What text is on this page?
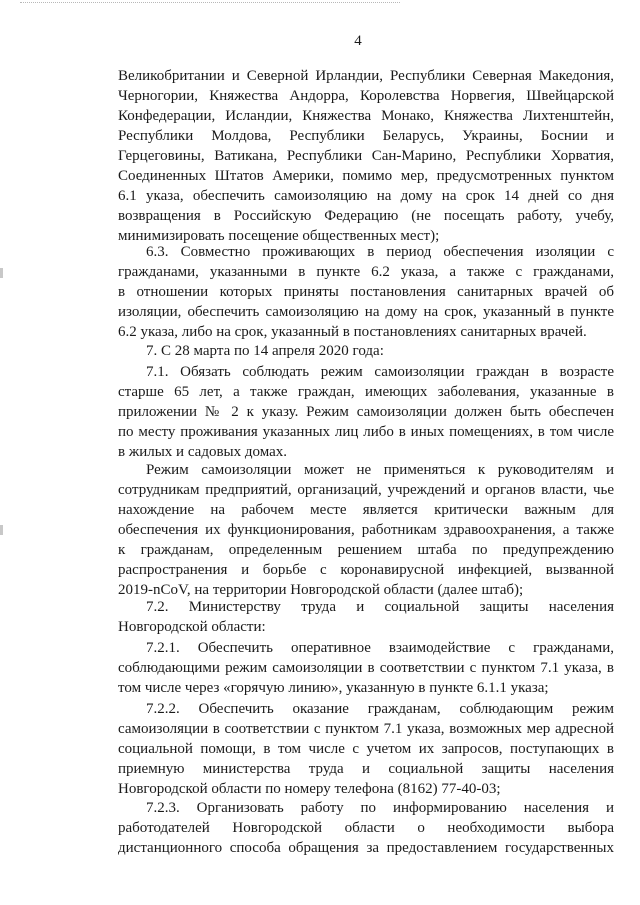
4
Великобритании и Северной Ирландии, Республики Северная Македония,
Черногории, Княжества Андорра, Королевства Норвегия, Швейцарской
Конфедерации, Исландии, Княжества Монако, Княжества Лихтенштейн,
Республики Молдова, Республики Беларусь, Украины, Боснии и
Герцеговины, Ватикана, Республики Сан-Марино, Республики Хорватия,
Соединенных Штатов Америки, помимо мер, предусмотренных пунктом
6.1 указа, обеспечить самоизоляцию на дому на срок 14 дней со дня
возвращения в Российскую Федерацию (не посещать работу, учебу,
минимизировать посещение общественных мест);
6.3. Совместно проживающих в период обеспечения изоляции с
гражданами, указанными в пункте 6.2 указа, а также с гражданами,
в отношении которых приняты постановления санитарных врачей об
изоляции, обеспечить самоизоляцию на дому на срок, указанный в пункте
6.2 указа, либо на срок, указанный в постановлениях санитарных врачей.
7. С 28 марта по 14 апреля 2020 года:
7.1. Обязать соблюдать режим самоизоляции граждан в возрасте
старше 65 лет, а также граждан, имеющих заболевания, указанные в
приложении № 2 к указу. Режим самоизоляции должен быть обеспечен
по месту проживания указанных лиц либо в иных помещениях, в том числе
в жилых и садовых домах.
Режим самоизоляции может не применяться к руководителям и
сотрудникам предприятий, организаций, учреждений и органов власти, чье
нахождение на рабочем месте является критически важным для
обеспечения их функционирования, работникам здравоохранения, а также
к гражданам, определенным решением штаба по предупреждению
распространения и борьбе с коронавирусной инфекцией, вызванной
2019-nCoV, на территории Новгородской области (далее штаб);
7.2. Министерству труда и социальной защиты населения
Новгородской области:
7.2.1. Обеспечить оперативное взаимодействие с гражданами,
соблюдающими режим самоизоляции в соответствии с пунктом 7.1 указа, в
том числе через «горячую линию», указанную в пункте 6.1.1 указа;
7.2.2. Обеспечить оказание гражданам, соблюдающим режим
самоизоляции в соответствии с пунктом 7.1 указа, возможных мер адресной
социальной помощи, в том числе с учетом их запросов, поступающих в
приемную министерства труда и социальной защиты населения
Новгородской области по номеру телефона (8162) 77-40-03;
7.2.3. Организовать работу по информированию населения и
работодателей Новгородской области о необходимости выбора
дистанционного способа обращения за предоставлением государственных
